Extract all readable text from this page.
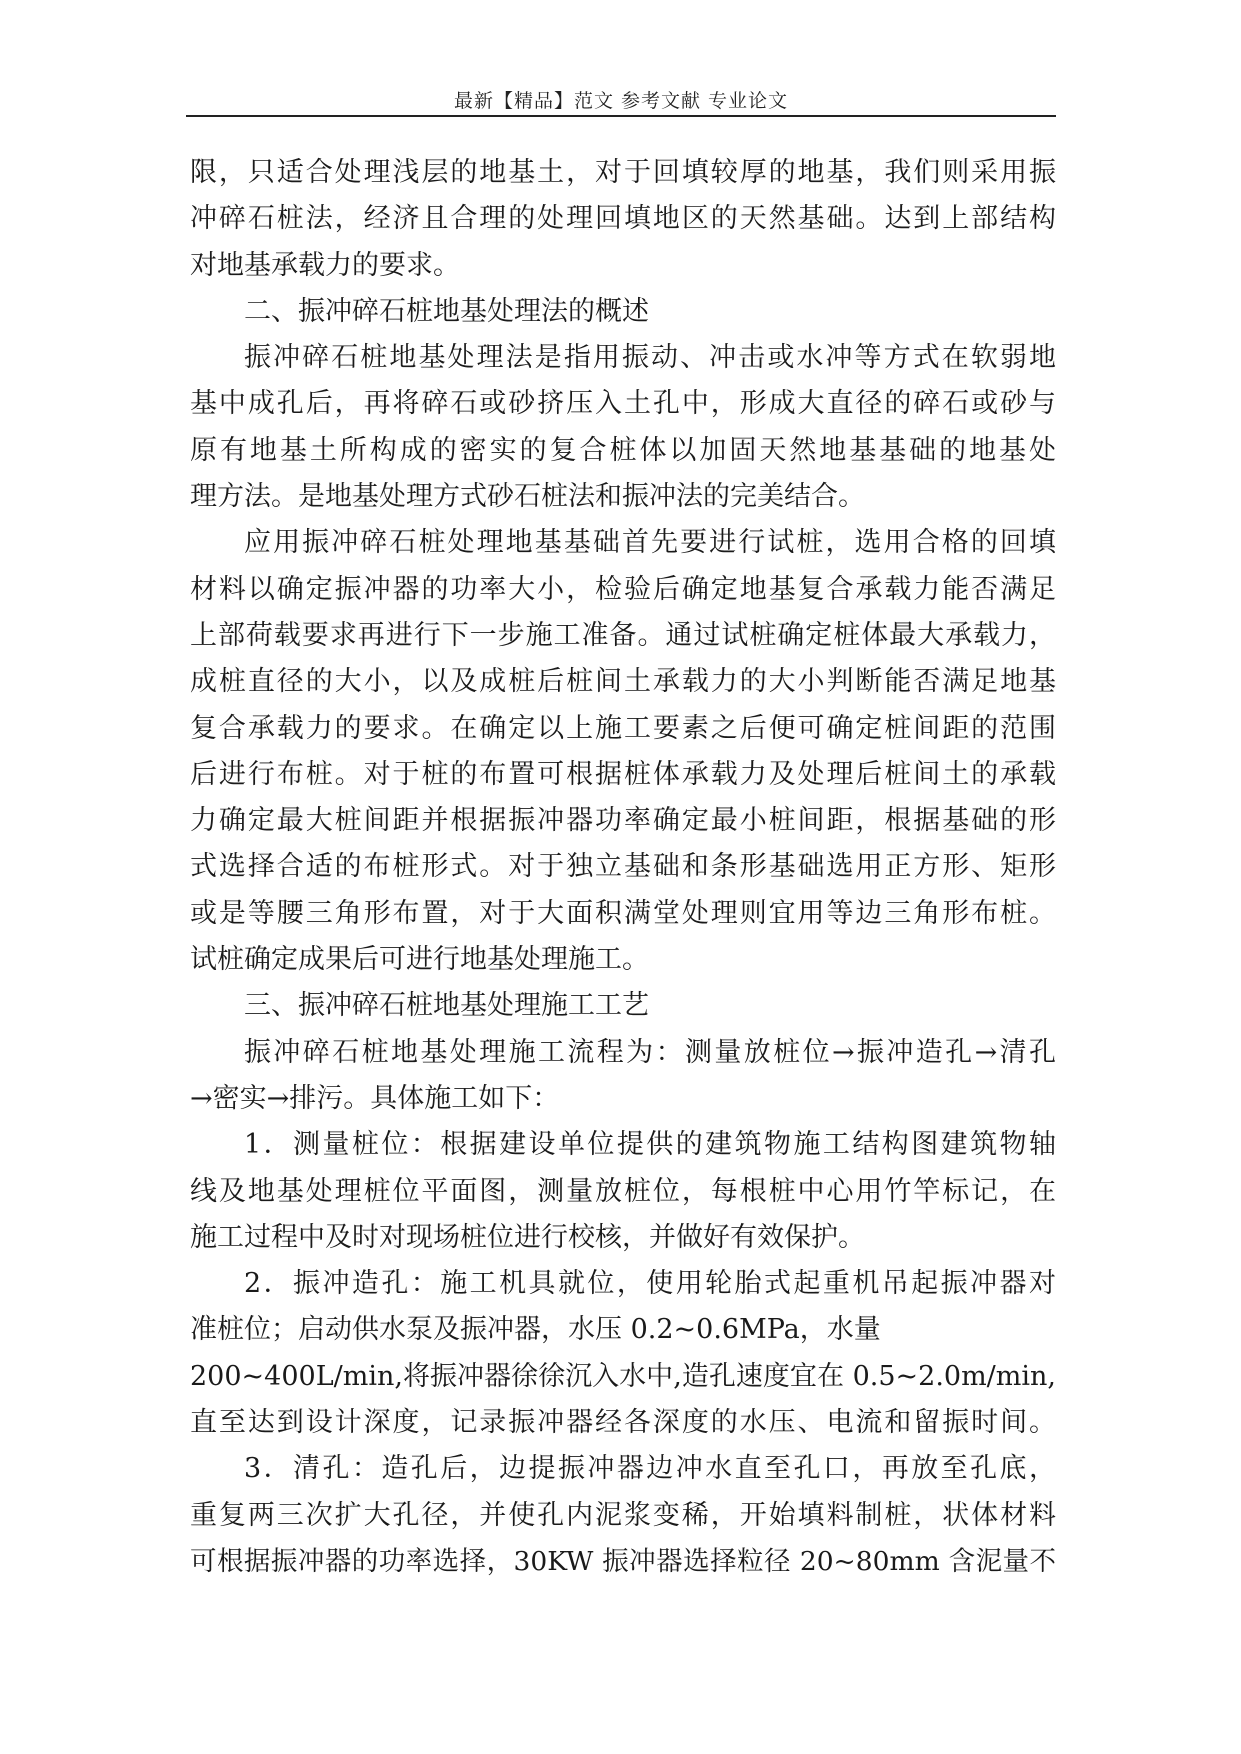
最新【精品】范文 参考文献 专业论文
限，只适合处理浅层的地基土，对于回填较厚的地基，我们则采用振
冲碎石桩法，经济且合理的处理回填地区的天然基础。达到上部结构
对地基承载力的要求。
二、振冲碎石桩地基处理法的概述
振冲碎石桩地基处理法是指用振动、冲击或水冲等方式在软弱地
基中成孔后，再将碎石或砂挤压入土孔中，形成大直径的碎石或砂与
原有地基土所构成的密实的复合桩体以加固天然地基基础的地基处
理方法。是地基处理方式砂石桩法和振冲法的完美结合。
应用振冲碎石桩处理地基基础首先要进行试桩，选用合格的回填
材料以确定振冲器的功率大小，检验后确定地基复合承载力能否满足
上部荷载要求再进行下一步施工准备。通过试桩确定桩体最大承载力，
成桩直径的大小，以及成桩后桩间土承载力的大小判断能否满足地基
复合承载力的要求。在确定以上施工要素之后便可确定桩间距的范围
后进行布桩。对于桩的布置可根据桩体承载力及处理后桩间土的承载
力确定最大桩间距并根据振冲器功率确定最小桩间距，根据基础的形
式选择合适的布桩形式。对于独立基础和条形基础选用正方形、矩形
或是等腰三角形布置，对于大面积满堂处理则宜用等边三角形布桩。
试桩确定成果后可进行地基处理施工。
三、振冲碎石桩地基处理施工工艺
振冲碎石桩地基处理施工流程为：测量放桩位→振冲造孔→清孔
→密实→排污。具体施工如下：
1．测量桩位：根据建设单位提供的建筑物施工结构图建筑物轴
线及地基处理桩位平面图，测量放桩位，每根桩中心用竹竿标记，在
施工过程中及时对现场桩位进行校核，并做好有效保护。
2．振冲造孔：施工机具就位，使用轮胎式起重机吊起振冲器对
准桩位；启动供水泵及振冲器，水压 0.2~0.6MPa，水量
200~400L/min,将振冲器徐徐沉入水中,造孔速度宜在 0.5~2.0m/min,
直至达到设计深度，记录振冲器经各深度的水压、电流和留振时间。
3．清孔：造孔后，边提振冲器边冲水直至孔口，再放至孔底，
重复两三次扩大孔径，并使孔内泥浆变稀，开始填料制桩，状体材料
可根据振冲器的功率选择，30KW 振冲器选择粒径 20~80mm 含泥量不
